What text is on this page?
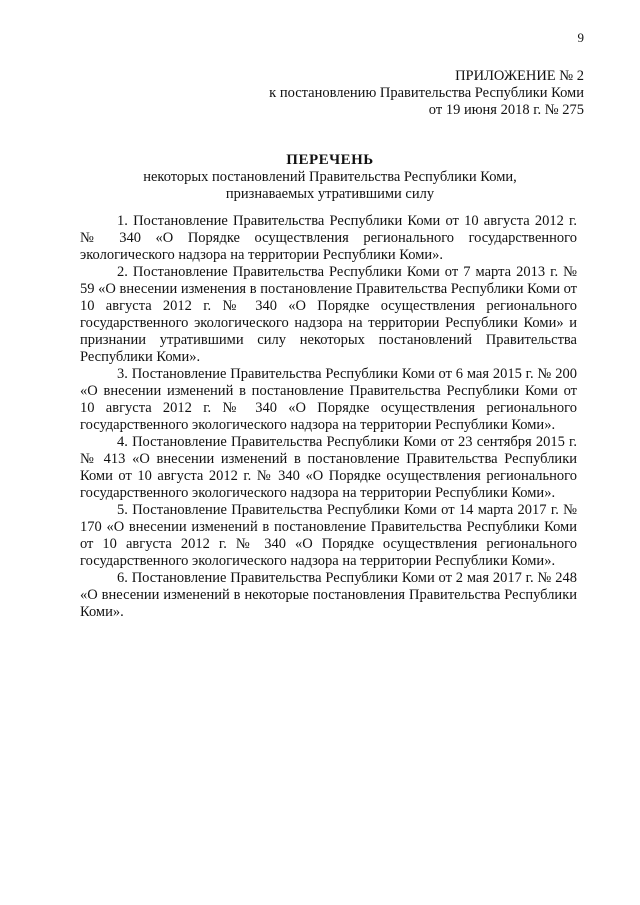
9
ПРИЛОЖЕНИЕ № 2
к постановлению Правительства Республики Коми
от 19 июня 2018 г. № 275
ПЕРЕЧЕНЬ
некоторых постановлений Правительства Республики Коми,
признаваемых утратившими силу

1. Постановление Правительства Республики Коми от 10 августа 2012 г. № 340 «О Порядке осуществления регионального государственного экологического надзора на территории Республики Коми».

2. Постановление Правительства Республики Коми от 7 марта 2013 г. № 59 «О внесении изменения в постановление Правительства Республики Коми от 10 августа 2012 г. № 340 «О Порядке осуществления регионального государственного экологического надзора на территории Республики Коми» и признании утратившими силу некоторых постановлений Правительства Республики Коми».

3. Постановление Правительства Республики Коми от 6 мая 2015 г. № 200 «О внесении изменений в постановление Правительства Республики Коми от 10 августа 2012 г. № 340 «О Порядке осуществления регионального государственного экологического надзора на территории Республики Коми».

4. Постановление Правительства Республики Коми от 23 сентября 2015 г. № 413 «О внесении изменений в постановление Правительства Республики Коми от 10 августа 2012 г. № 340 «О Порядке осуществления регионального государственного экологического надзора на территории Республики Коми».

5. Постановление Правительства Республики Коми от 14 марта 2017 г. № 170 «О внесении изменений в постановление Правительства Республики Коми от 10 августа 2012 г. № 340 «О Порядке осуществления регионального государственного экологического надзора на территории Республики Коми».

6. Постановление Правительства Республики Коми от 2 мая 2017 г. № 248 «О внесении изменений в некоторые постановления Правительства Республики Коми».
